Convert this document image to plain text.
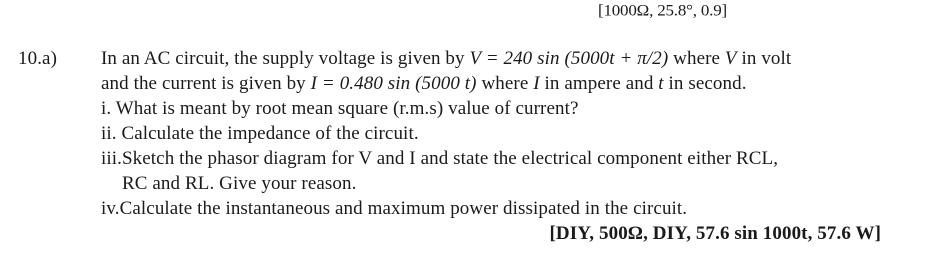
[1000Ω, 25.8°, 0.9]
10.a) In an AC circuit, the supply voltage is given by V = 240 sin (5000t + π/2) where V in volt
and the current is given by I = 0.480 sin (5000 t) where I in ampere and t in second.
i. What is meant by root mean square (r.m.s) value of current?
ii. Calculate the impedance of the circuit.
iii.Sketch the phasor diagram for V and I and state the electrical component either RCL,
RC and RL. Give your reason.
iv.Calculate the instantaneous and maximum power dissipated in the circuit.
[DIY, 500Ω, DIY, 57.6 sin 1000t, 57.6 W]
